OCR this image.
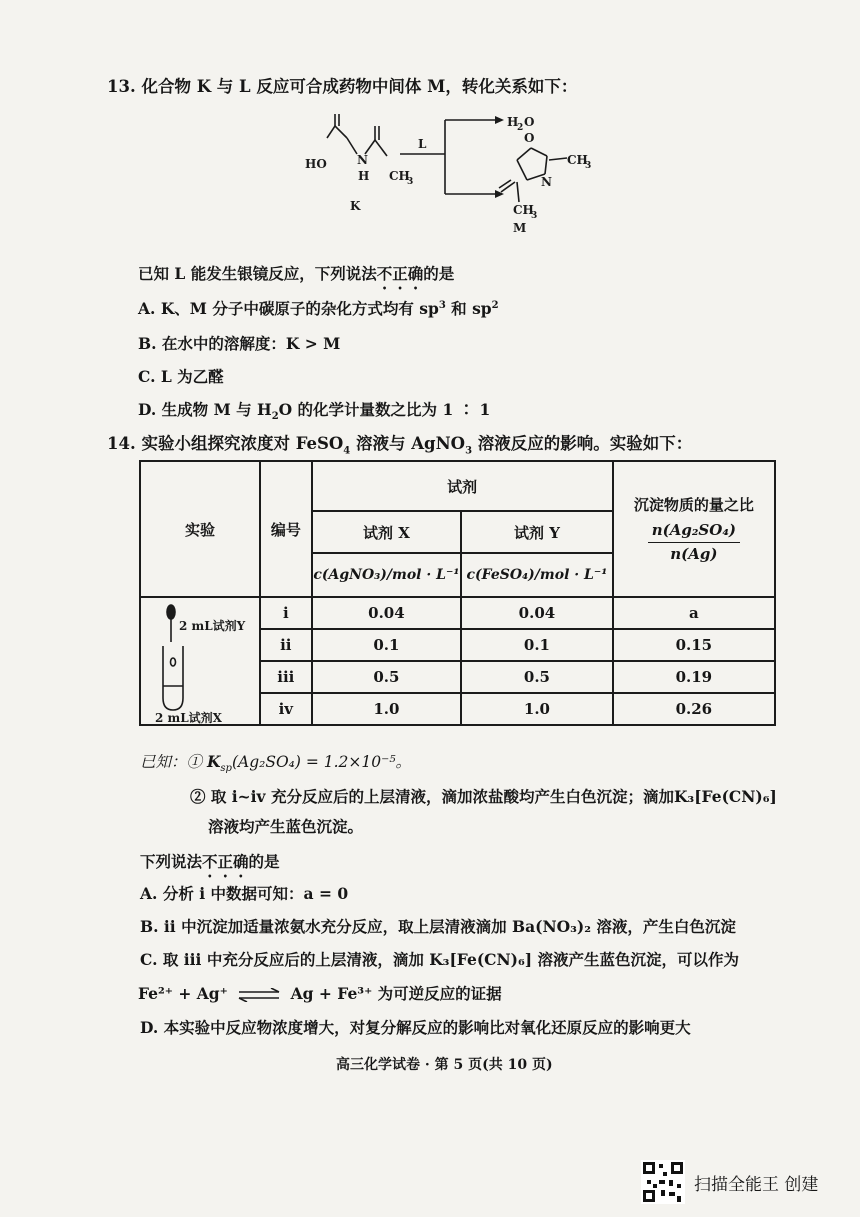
13. 化合物 K 与 L 反应可合成药物中间体 M，转化关系如下：
HO	N
H CH
3
K
L
H
2 O
O
N
CH
3
CH
3
M
已知 L 能发生银镜反应，下列说法不正确的是
A. K、M 分子中碳原子的杂化方式均有 $sp^3$ 和 $sp^2$
B. 在水中的溶解度：K > M
C. L 为乙醛
D. 生成物 M 与 $H_2O$ 的化学计量数之比为 1 ∶ 1
14. 实验小组探究浓度对 FeSO$_4$ 溶液与 AgNO$_3$ 溶液反应的影响。实验如下：
实验	编号	试剂		沉淀物质的量之比
$\frac{\text{n(Ag₂SO₄)}}{n(Ag)}$

		试剂 X	试剂 Y	
		c(AgNO₃)/mol · L⁻¹	c(FeSO₄)/mol · L⁻¹	

2 mL试剂Y
2 mL试剂X	i	0.04	0.04	a
	ii	0.1	0.1	0.15
	iii	0.5	0.5	0.19
	iv	1.0	1.0	0.26
已知：① $K_{sp}(Ag_2SO_4) = 1.2\times 10^{-5}$。
② 取 i~iv 充分反应后的上层清液，滴加浓盐酸均产生白色沉淀；滴加K₃[Fe(CN)₆]
溶液均产生蓝色沉淀。
下列说法不正确的是
A. 分析 i 中数据可知：a = 0
B. ii 中沉淀加适量浓氨水充分反应，取上层清液滴加 Ba(NO₃)₂ 溶液，产生白色沉淀
C. 取 iii 中充分反应后的上层清液，滴加 K₃[Fe(CN)₆] 溶液产生蓝色沉淀，可以作为
Fe²⁺ + Ag⁺ ⇌ Ag + Fe³⁺ 为可逆反应的证据
D. 本实验中反应物浓度增大，对复分解反应的影响比对氧化还原反应的影响更大
高三化学试卷 · 第 5 页(共 10 页)
扫描全能王 创建
